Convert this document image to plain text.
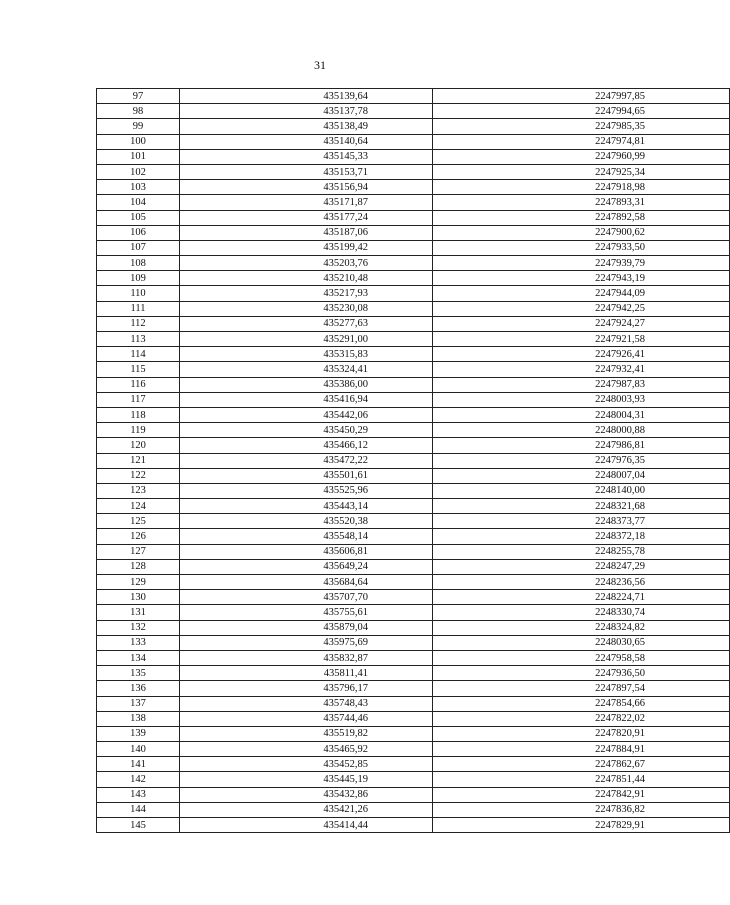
31
97	435139,64	2247997,85
98	435137,78	2247994,65
99	435138,49	2247985,35
100	435140,64	2247974,81
101	435145,33	2247960,99
102	435153,71	2247925,34
103	435156,94	2247918,98
104	435171,87	2247893,31
105	435177,24	2247892,58
106	435187,06	2247900,62
107	435199,42	2247933,50
108	435203,76	2247939,79
109	435210,48	2247943,19
110	435217,93	2247944,09
111	435230,08	2247942,25
112	435277,63	2247924,27
113	435291,00	2247921,58
114	435315,83	2247926,41
115	435324,41	2247932,41
116	435386,00	2247987,83
117	435416,94	2248003,93
118	435442,06	2248004,31
119	435450,29	2248000,88
120	435466,12	2247986,81
121	435472,22	2247976,35
122	435501,61	2248007,04
123	435525,96	2248140,00
124	435443,14	2248321,68
125	435520,38	2248373,77
126	435548,14	2248372,18
127	435606,81	2248255,78
128	435649,24	2248247,29
129	435684,64	2248236,56
130	435707,70	2248224,71
131	435755,61	2248330,74
132	435879,04	2248324,82
133	435975,69	2248030,65
134	435832,87	2247958,58
135	435811,41	2247936,50
136	435796,17	2247897,54
137	435748,43	2247854,66
138	435744,46	2247822,02
139	435519,82	2247820,91
140	435465,92	2247884,91
141	435452,85	2247862,67
142	435445,19	2247851,44
143	435432,86	2247842,91
144	435421,26	2247836,82
145	435414,44	2247829,91
